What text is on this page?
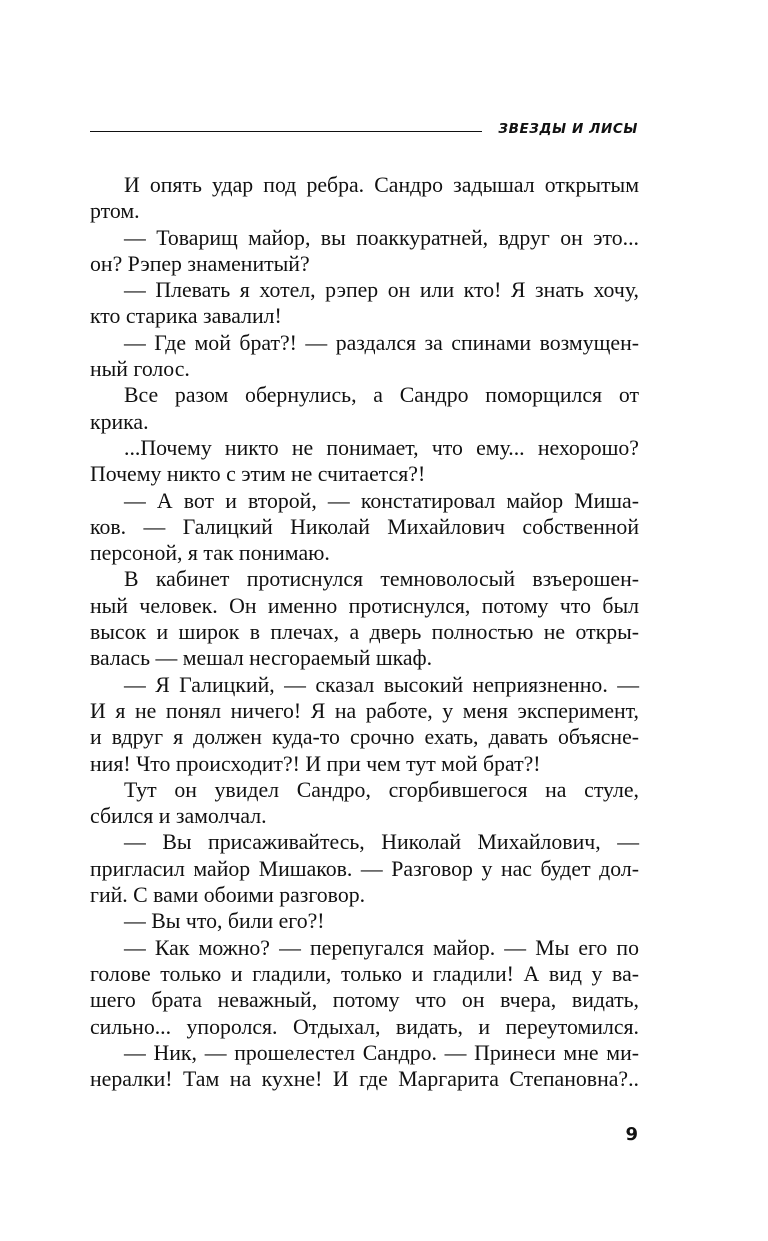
ЗВЕЗДЫ И ЛИСЫ
И опять удар под ребра. Сандро задышал открытым
ртом.
— Товарищ майор, вы поаккуратней, вдруг он это...
он? Рэпер знаменитый?
— Плевать я хотел, рэпер он или кто! Я знать хочу,
кто старика завалил!
— Где мой брат?! — раздался за спинами возмущен-
ный голос.
Все разом обернулись, а Сандро поморщился от
крика.
...Почему никто не понимает, что ему... нехорошо?
Почему никто с этим не считается?!
— А вот и второй, — констатировал майор Миша-
ков. — Галицкий Николай Михайлович собственной
персоной, я так понимаю.
В кабинет протиснулся темноволосый взъерошен-
ный человек. Он именно протиснулся, потому что был
высок и широк в плечах, а дверь полностью не откры-
валась — мешал несгораемый шкаф.
— Я Галицкий, — сказал высокий неприязненно. —
И я не понял ничего! Я на работе, у меня эксперимент,
и вдруг я должен куда-то срочно ехать, давать объясне-
ния! Что происходит?! И при чем тут мой брат?!
Тут он увидел Сандро, сгорбившегося на стуле,
сбился и замолчал.
— Вы присаживайтесь, Николай Михайлович, —
пригласил майор Мишаков. — Разговор у нас будет дол-
гий. С вами обоими разговор.
— Вы что, били его?!
— Как можно? — перепугался майор. — Мы его по
голове только и гладили, только и гладили! А вид у ва-
шего брата неважный, потому что он вчера, видать,
сильно... упоролся. Отдыхал, видать, и переутомился.
— Ник, — прошелестел Сандро. — Принеси мне ми-
нералки! Там на кухне! И где Маргарита Степановна?..
9
